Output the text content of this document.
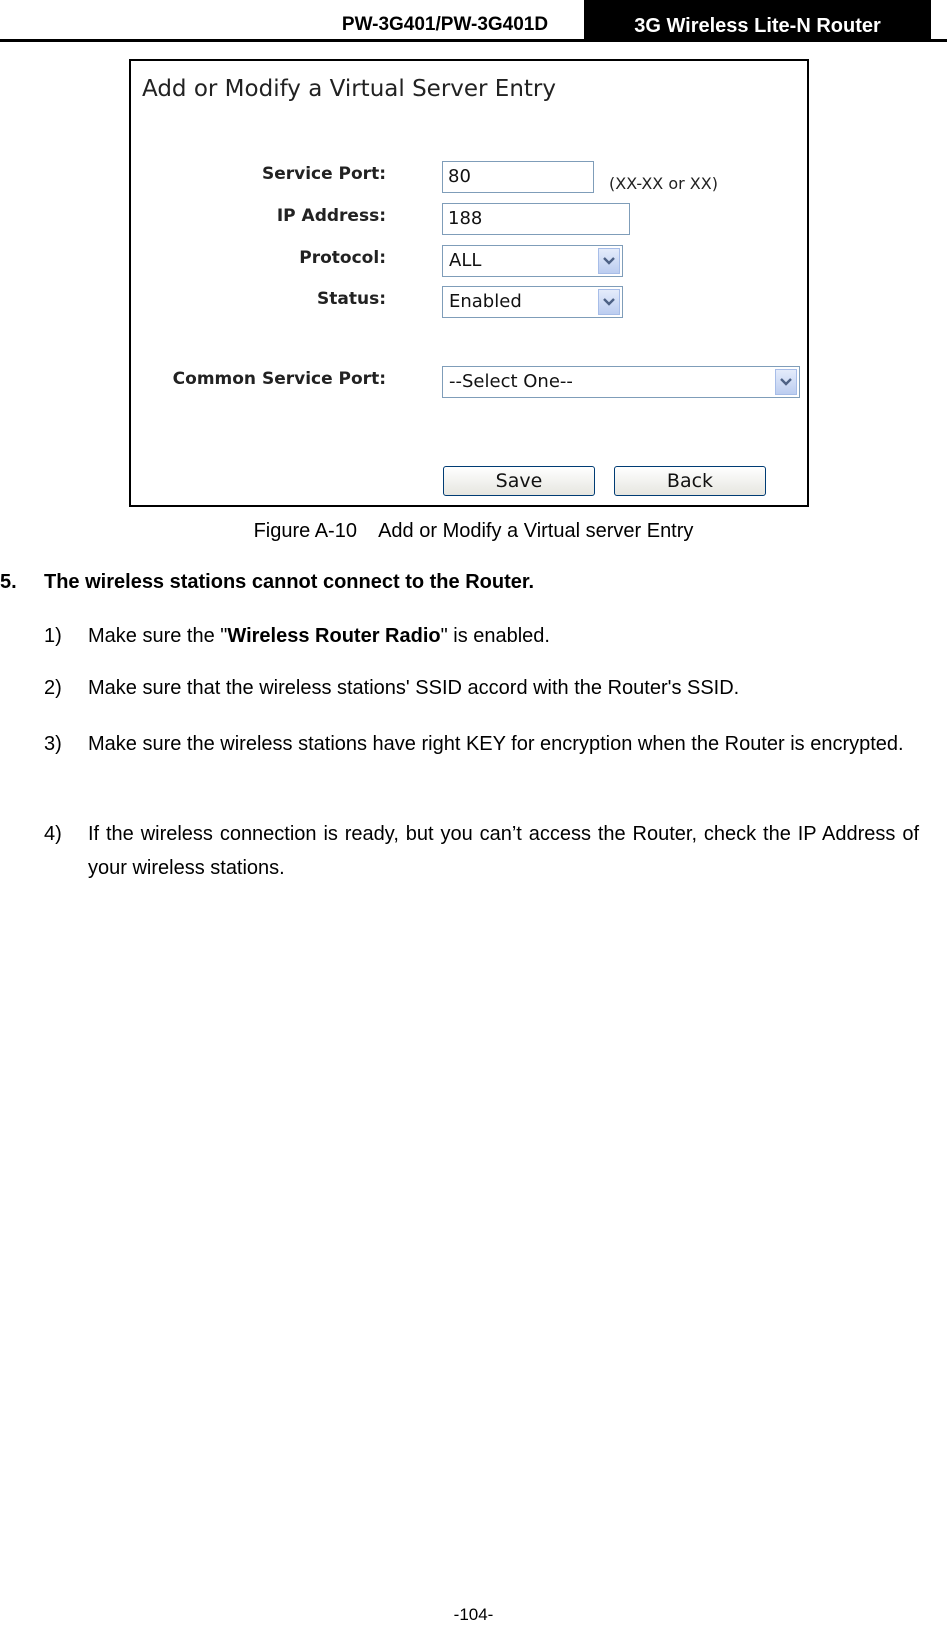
PW-3G401/PW-3G401D	3G Wireless Lite-N Router
Add or Modify a Virtual Server Entry
Service Port:	80	(XX-XX or XX)
IP Address:	188
Protocol:	ALL
Status:	Enabled
Common Service Port:	--Select One--
Save	Back
Figure A-10    Add or Modify a Virtual server Entry
5. The wireless stations cannot connect to the Router.
1) Make sure the "Wireless Router Radio" is enabled.
2) Make sure that the wireless stations' SSID accord with the Router's SSID.
3) Make sure the wireless stations have right KEY for encryption when the Router is encrypted.
4) If the wireless connection is ready, but you can’t access the Router, check the IP Address of your wireless stations.
-104-
